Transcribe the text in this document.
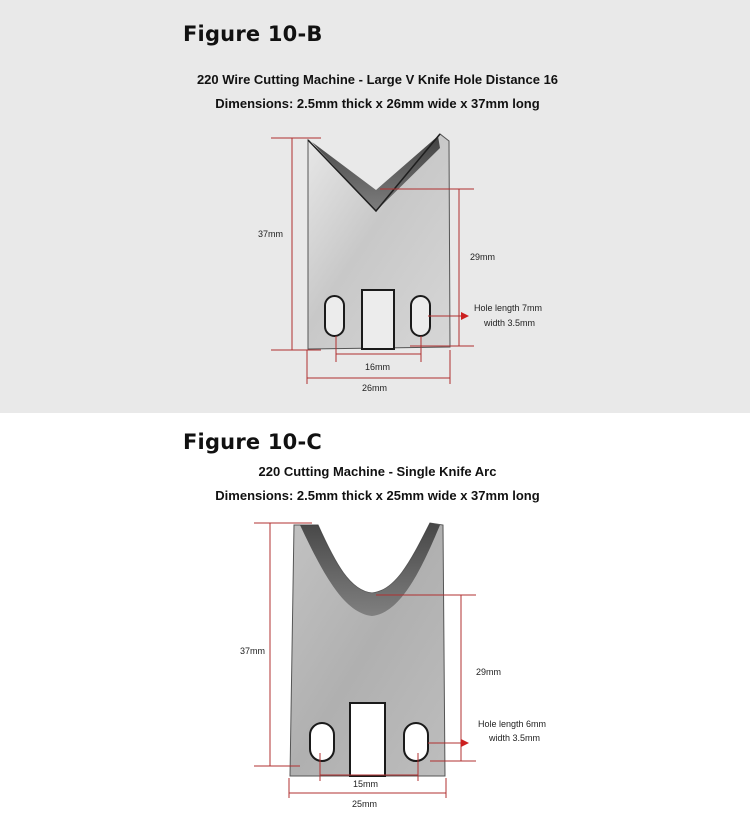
Figure 10-B

220 Wire Cutting Machine - Large V Knife Hole Distance 16

Dimensions: 2.5mm thick x 26mm wide x 37mm long

37mm
29mm
16mm
26mm
Hole length 7mm
width 3.5mm
Figure 10-C

220 Cutting Machine - Single Knife Arc

Dimensions: 2.5mm thick x 25mm wide x 37mm long

37mm
29mm
15mm
25mm
Hole length 6mm
width 3.5mm
